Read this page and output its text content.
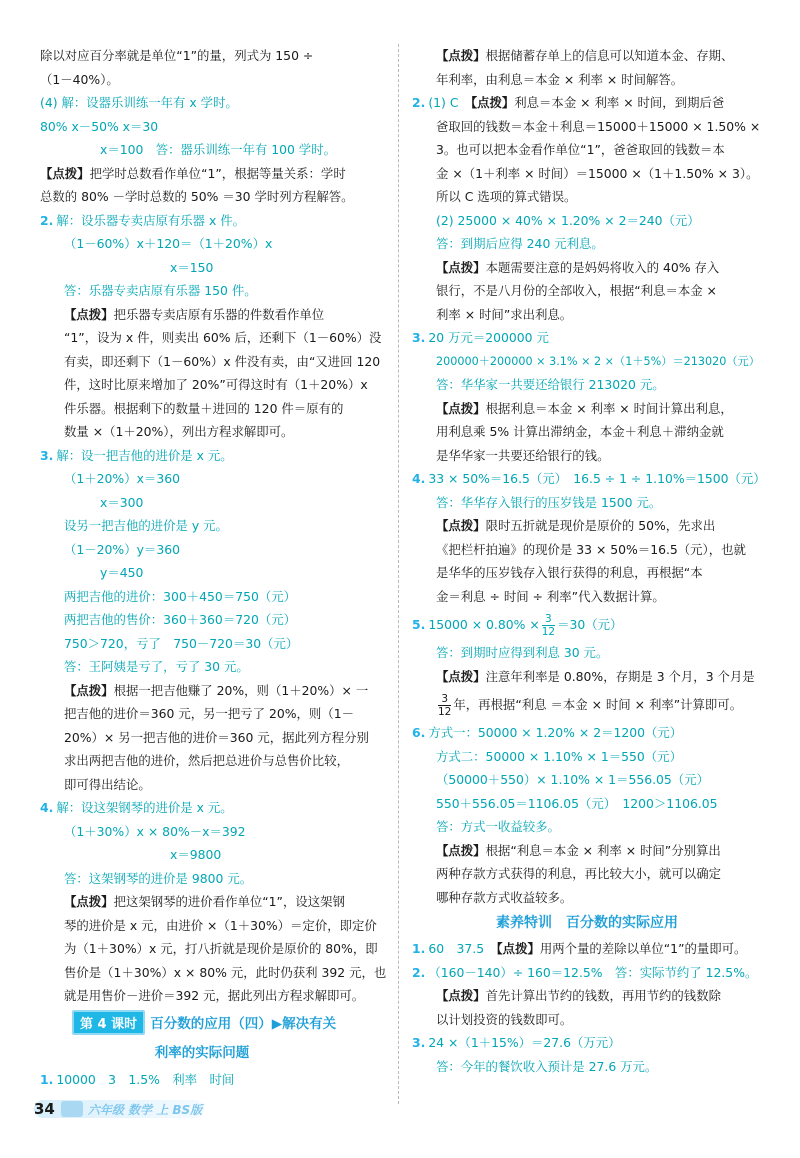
除以对应百分率就是单位“1”的量，列式为 150 ÷
（1－40%）。
(4) 解：设器乐训练一年有 x 学时。
80% x－50% x＝30
x＝100　答：器乐训练一年有 100 学时。
【点拨】把学时总数看作单位“1”，根据等量关系：学时
总数的 80% －学时总数的 50% ＝30 学时列方程解答。
2. 解：设乐器专卖店原有乐器 x 件。
（1－60%）x＋120＝（1＋20%）x
x＝150
答：乐器专卖店原有乐器 150 件。
【点拨】把乐器专卖店原有乐器的件数看作单位
“1”，设为 x 件，则卖出 60% 后，还剩下（1－60%）没
有卖，即还剩下（1－60%）x 件没有卖，由“又进回 120
件，这时比原来增加了 20%”可得这时有（1＋20%）x
件乐器。根据剩下的数量＋进回的 120 件＝原有的
数量 ×（1＋20%），列出方程求解即可。
3. 解：设一把吉他的进价是 x 元。
（1＋20%）x＝360
x＝300
设另一把吉他的进价是 y 元。
（1－20%）y＝360
y＝450
两把吉他的进价：300＋450＝750（元）
两把吉他的售价：360＋360＝720（元）
750＞720，亏了　750－720＝30（元）
答：王阿姨是亏了，亏了 30 元。
【点拨】根据一把吉他赚了 20%，则（1＋20%）× 一
把吉他的进价＝360 元，另一把亏了 20%，则（1－
20%）× 另一把吉他的进价＝360 元，据此列方程分别
求出两把吉他的进价，然后把总进价与总售价比较，
即可得出结论。
4. 解：设这架钢琴的进价是 x 元。
（1＋30%）x × 80%－x＝392
x＝9800
答：这架钢琴的进价是 9800 元。
【点拨】把这架钢琴的进价看作单位“1”，设这架钢
琴的进价是 x 元，由进价 ×（1＋30%）＝定价，即定价
为（1＋30%）x 元，打八折就是现价是原价的 80%，即
售价是（1＋30%）x × 80% 元，此时仍获利 392 元，也
就是用售价－进价＝392 元，据此列出方程求解即可。
第 4 课时 百分数的应用（四）▶解决有关
利率的实际问题
1. 10000　3　1.5%　利率　时间
【点拨】根据储蓄存单上的信息可以知道本金、存期、
年利率，由利息＝本金 × 利率 × 时间解答。
2. (1) C　 【点拨】利息＝本金 × 利率 × 时间，到期后爸
爸取回的钱数＝本金＋利息＝15000＋15000 × 1.50% ×
3。也可以把本金看作单位“1”，爸爸取回的钱数＝本
金 ×（1＋利率 × 时间）＝15000 ×（1＋1.50% × 3）。
所以 C 选项的算式错误。
(2) 25000 × 40% × 1.20% × 2＝240（元）
答：到期后应得 240 元利息。
【点拨】本题需要注意的是妈妈将收入的 40% 存入
银行，不是八月份的全部收入，根据“利息＝本金 ×
利率 × 时间”求出利息。
3. 20 万元＝200000 元
200000＋200000 × 3.1% × 2 ×（1＋5%）＝213020（元）
答：华华家一共要还给银行 213020 元。
【点拨】根据利息＝本金 × 利率 × 时间计算出利息，
用利息乘 5% 计算出滞纳金，本金＋利息＋滞纳金就
是华华家一共要还给银行的钱。
4. 33 × 50%＝16.5（元）　16.5 ÷ 1 ÷ 1.10%＝1500（元）
答：华华存入银行的压岁钱是 1500 元。
【点拨】限时五折就是现价是原价的 50%，先求出
《把栏杆拍遍》的现价是 33 × 50%＝16.5（元），也就
是华华的压岁钱存入银行获得的利息，再根据“本
金＝利息 ÷ 时间 ÷ 利率”代入数据计算。
5. $15000 \times 0.80\% \times \frac{3}{12} =30$（元）
答：到期时应得到利息 30 元。
【点拨】注意年利率是 0.80%，存期是 3 个月，3 个月是
$\frac{3}{12}$ 年，再根据“利息 ＝本金 × 时间 × 利率”计算即可。
6. 方式一：50000 × 1.20% × 2＝1200（元）
方式二：50000 × 1.10% × 1＝550（元）
（50000＋550）× 1.10% × 1＝556.05（元）
550＋556.05＝1106.05（元）　1200＞1106.05
答：方式一收益较多。
【点拨】根据“利息＝本金 × 利率 × 时间”分别算出
两种存款方式获得的利息，再比较大小，就可以确定
哪种存款方式收益较多。
素养特训　百分数的实际应用
1. 60　37.5　 【点拨】用两个量的差除以单位“1”的量即可。
2. （160－140）÷ 160＝12.5%　答：实际节约了 12.5%。
【点拨】首先计算出节约的钱数，再用节约的钱数除
以计划投资的钱数即可。
3. 24 ×（1＋15%）＝27.6（万元）
答：今年的餐饮收入预计是 27.6 万元。
34	六年级 数学 上 BS版
